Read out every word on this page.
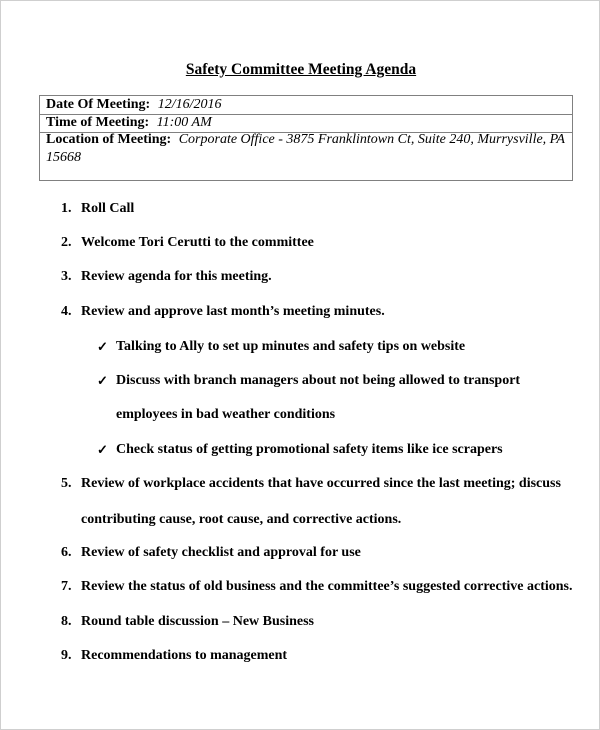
Safety Committee Meeting Agenda
Date Of Meeting: 12/16/2016
Time of Meeting: 11:00 AM
Location of Meeting: Corporate Office - 3875 Franklintown Ct, Suite 240, Murrysville, PA 15668
1. Roll Call
2. Welcome Tori Cerutti to the committee
3. Review agenda for this meeting.
4. Review and approve last month’s meeting minutes.
✓ Talking to Ally to set up minutes and safety tips on website
✓ Discuss with branch managers about not being allowed to transport
employees in bad weather conditions
✓ Check status of getting promotional safety items like ice scrapers
5. Review of workplace accidents that have occurred since the last meeting; discuss
contributing cause, root cause, and corrective actions.
6. Review of safety checklist and approval for use
7. Review the status of old business and the committee’s suggested corrective actions.
8. Round table discussion – New Business
9. Recommendations to management
